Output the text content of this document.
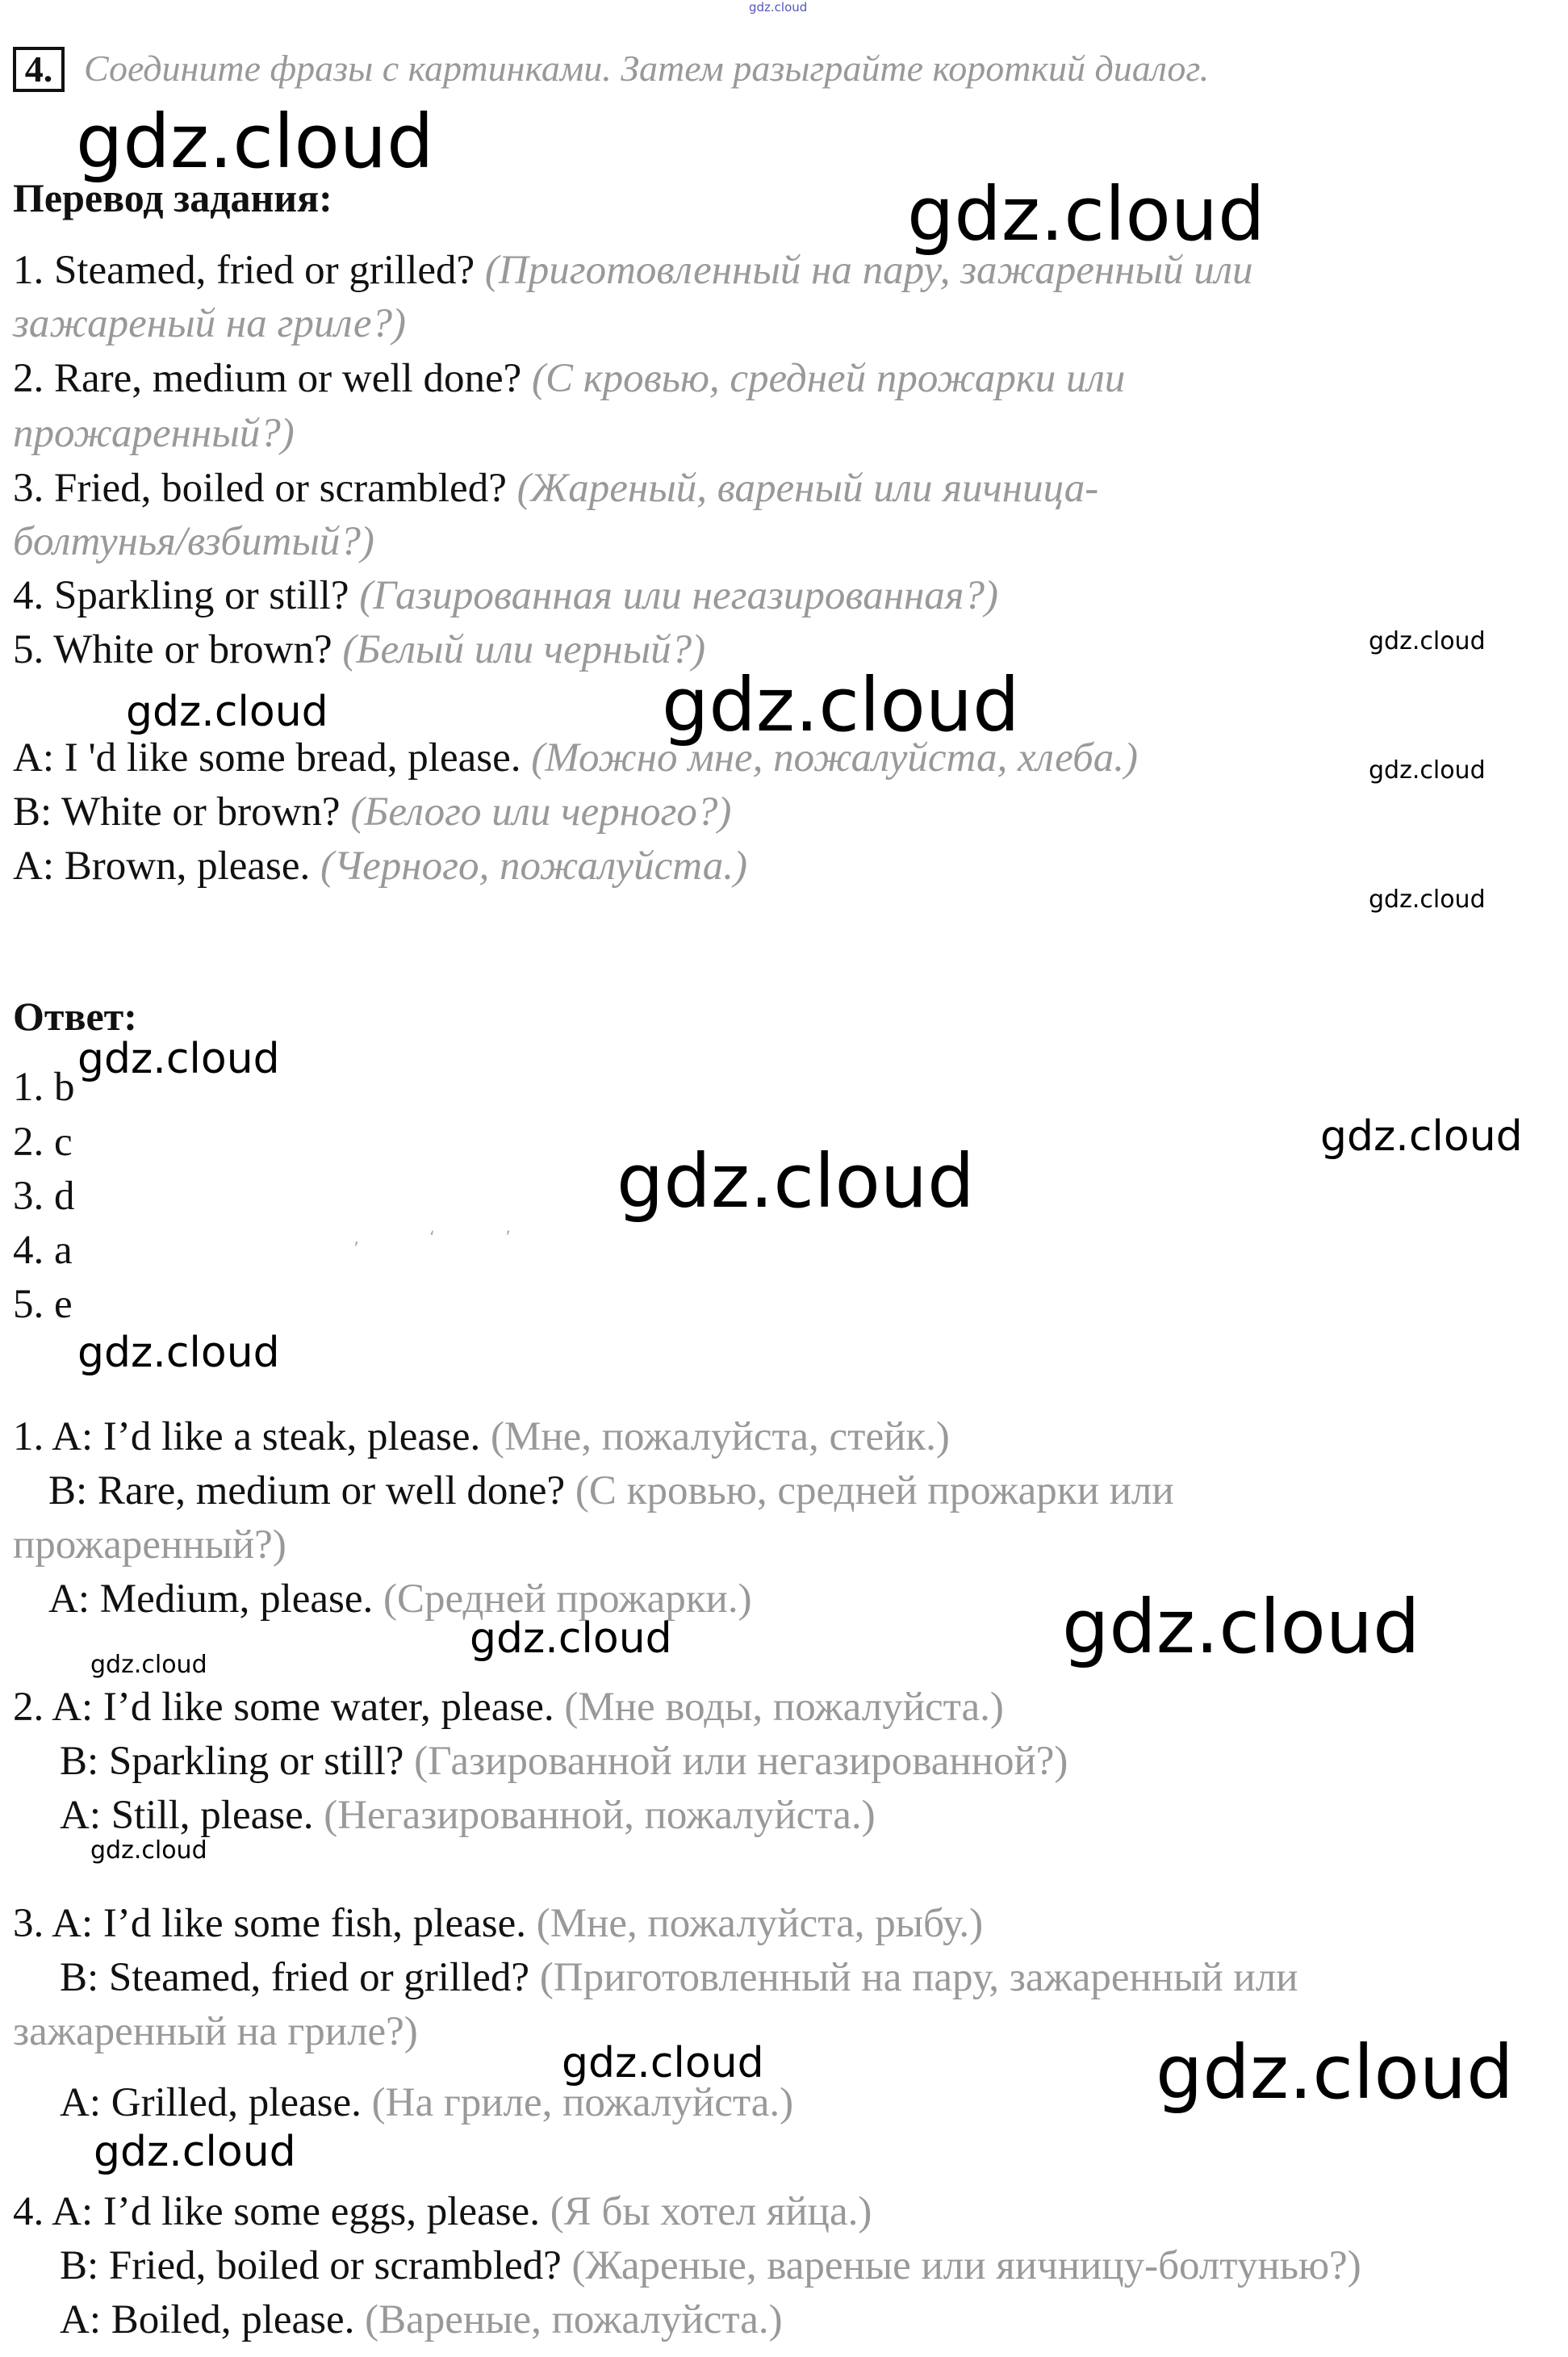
gdz.cloud
4. Соедините фразы с картинками. Затем разыграйте короткий диалог.
Перевод задания:
1. Steamed, fried or grilled? (Приготовленный на пару, зажаренный или
зажареный на гриле?)
2. Rare, medium or well done? (С кровью, средней прожарки или
прожаренный?)
3. Fried, boiled or scrambled? (Жареный, вареный или яичница-
болтунья/взбитый?)
4. Sparkling or still? (Газированная или негазированная?)
5. White or brown? (Белый или черный?)
A: I 'd like some bread, please. (Можно мне, пожалуйста, хлеба.)
B: White or brown? (Белого или черного?)
A: Brown, please. (Черного, пожалуйста.)
Ответ:
1. b
2. c
3. d
4. a
5. e
‚ ‘ ’
1. A: I’d like a steak, please. (Мне, пожалуйста, стейк.)
B: Rare, medium or well done? (С кровью, средней прожарки или
прожаренный?)
A: Medium, please. (Средней прожарки.)
2. A: I’d like some water, please. (Мне воды, пожалуйста.)
B: Sparkling or still? (Газированной или негазированной?)
A: Still, please. (Негазированной, пожалуйста.)
3. A: I’d like some fish, please. (Мне, пожалуйста, рыбу.)
B: Steamed, fried or grilled? (Приготовленный на пару, зажаренный или
зажаренный на гриле?)
A: Grilled, please. (На гриле, пожалуйста.)
4. A: I’d like some eggs, please. (Я бы хотел яйца.)
B: Fried, boiled or scrambled? (Жареные, вареные или яичницу-болтунью?)
A: Boiled, please. (Вареные, пожалуйста.)
gdz.cloud
gdz.cloud
gdz.cloud
gdz.cloud	gdz.cloud
gdz.cloud
gdz.cloud
gdz.cloud
gdz.cloud
gdz.cloud
gdz.cloud
gdz.cloud
gdz.cloud
gdz.cloud
gdz.cloud
gdz.cloud	gdz.cloud
gdz.cloud
